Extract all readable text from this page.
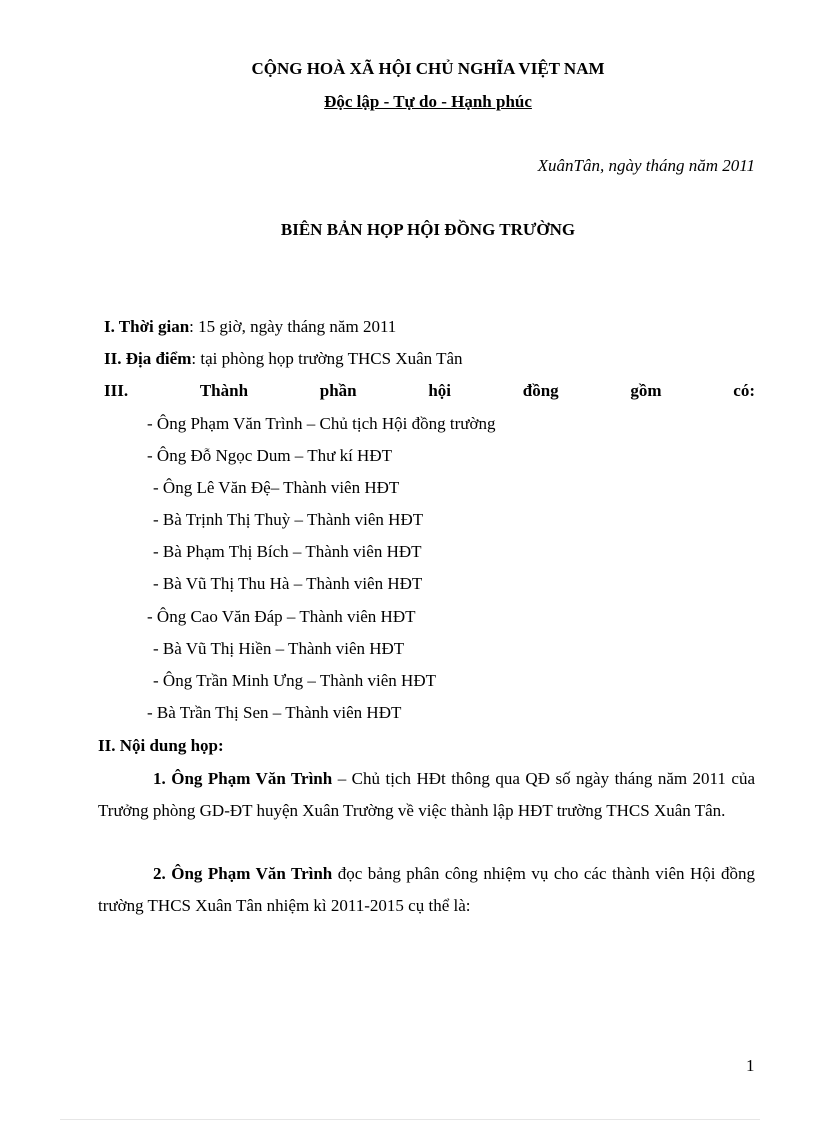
CỘNG HOÀ XÃ HỘI CHỦ NGHĨA VIỆT NAM
Độc lập - Tự do - Hạnh phúc
XuânTân, ngày tháng năm 2011
BIÊN BẢN HỌP HỘI ĐỒNG TRƯỜNG
I. Thời gian: 15 giờ, ngày tháng năm 2011
II. Địa điểm: tại phòng họp trường THCS Xuân Tân
III.	Thành	phần	hội	đồng	gồm	có:
- Ông Phạm Văn Trình – Chủ tịch Hội đồng trường
- Ông Đỗ Ngọc Dum – Thư kí HĐT
- Ông Lê Văn Đệ– Thành viên HĐT
- Bà Trịnh Thị Thuỳ – Thành viên HĐT
- Bà Phạm Thị Bích – Thành viên HĐT
- Bà Vũ Thị Thu Hà – Thành viên HĐT
- Ông Cao Văn Đáp – Thành viên HĐT
- Bà Vũ Thị Hiền – Thành viên HĐT
- Ông Trần Minh Ưng – Thành viên HĐT
- Bà Trần Thị Sen – Thành viên HĐT
II. Nội dung họp:
1. Ông Phạm Văn Trình – Chủ tịch HĐt thông qua QĐ số ngày tháng năm 2011 của Trưởng phòng GD-ĐT huyện Xuân Trường về việc thành lập HĐT trường THCS Xuân Tân.
2. Ông Phạm Văn Trình đọc bảng phân công nhiệm vụ cho các thành viên Hội đồng trường THCS Xuân Tân nhiệm kì 2011-2015 cụ thể là:
1
